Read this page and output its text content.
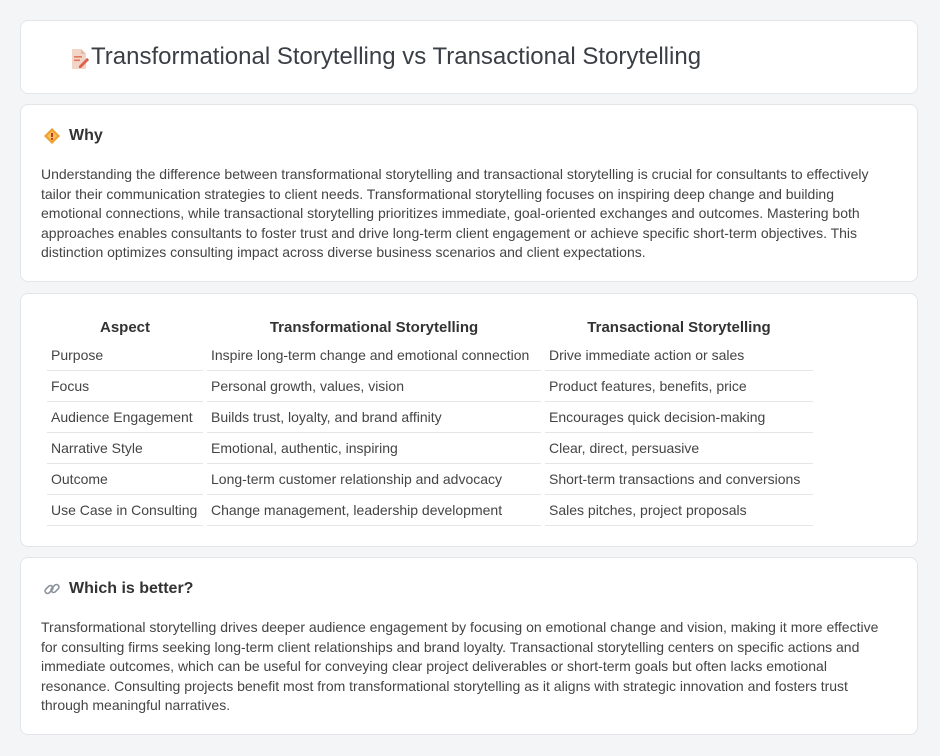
Transformational Storytelling vs Transactional Storytelling
Why

Understanding the difference between transformational storytelling and transactional storytelling is crucial for consultants to effectively tailor their communication strategies to client needs. Transformational storytelling focuses on inspiring deep change and building emotional connections, while transactional storytelling prioritizes immediate, goal-oriented exchanges and outcomes. Mastering both approaches enables consultants to foster trust and drive long-term client engagement or achieve specific short-term objectives. This distinction optimizes consulting impact across diverse business scenarios and client expectations.

Aspect	Transformational Storytelling	Transactional Storytelling
Purpose	Inspire long-term change and emotional connection	Drive immediate action or sales
Focus	Personal growth, values, vision	Product features, benefits, price
Audience Engagement	Builds trust, loyalty, and brand affinity	Encourages quick decision-making
Narrative Style	Emotional, authentic, inspiring	Clear, direct, persuasive
Outcome	Long-term customer relationship and advocacy	Short-term transactions and conversions
Use Case in Consulting	Change management, leadership development	Sales pitches, project proposals
Which is better?

Transformational storytelling drives deeper audience engagement by focusing on emotional change and vision, making it more effective for consulting firms seeking long-term client relationships and brand loyalty. Transactional storytelling centers on specific actions and immediate outcomes, which can be useful for conveying clear project deliverables or short-term goals but often lacks emotional resonance. Consulting projects benefit most from transformational storytelling as it aligns with strategic innovation and fosters trust through meaningful narratives.
